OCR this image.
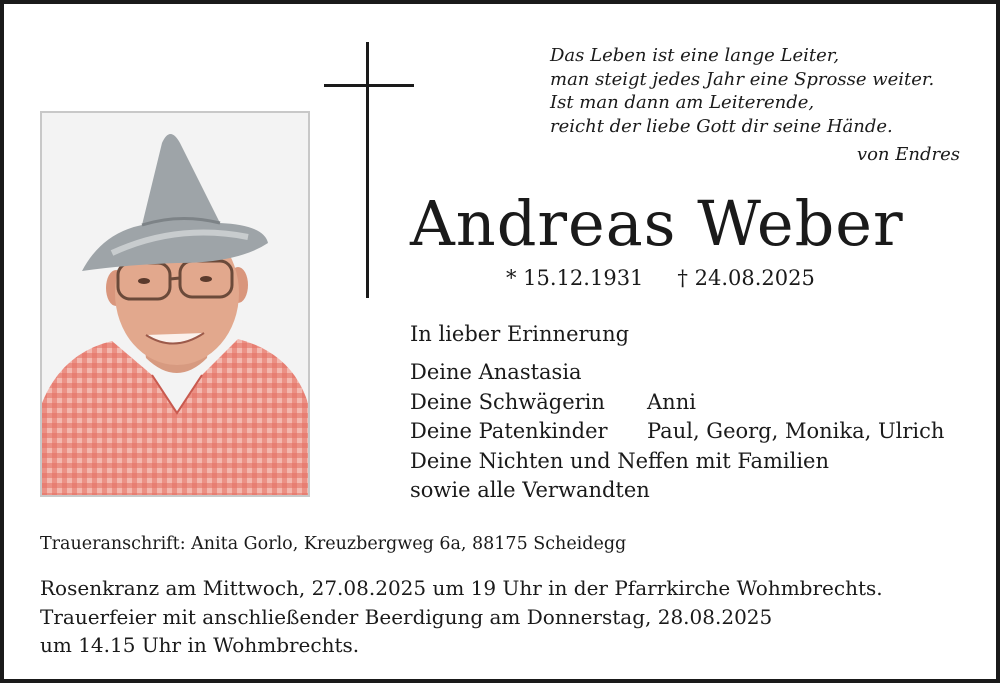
Das Leben ist eine lange Leiter,
man steigt jedes Jahr eine Sprosse weiter.
Ist man dann am Leiterende,
reicht der liebe Gott dir seine Hände.
von Endres
Andreas Weber
* 15.12.1931 † 24.08.2025
In lieber Erinnerung
Deine Anastasia
Deine Schwägerin	Anni
Deine Patenkinder	Paul, Georg, Monika, Ulrich
Deine Nichten und Neffen mit Familien
sowie alle Verwandten
Traueranschrift: Anita Gorlo, Kreuzbergweg 6a, 88175 Scheidegg
Rosenkranz am Mittwoch, 27.08.2025 um 19 Uhr in der Pfarrkirche Wohmbrechts.
Trauerfeier mit anschließender Beerdigung am Donnerstag, 28.08.2025
um 14.15 Uhr in Wohmbrechts.
